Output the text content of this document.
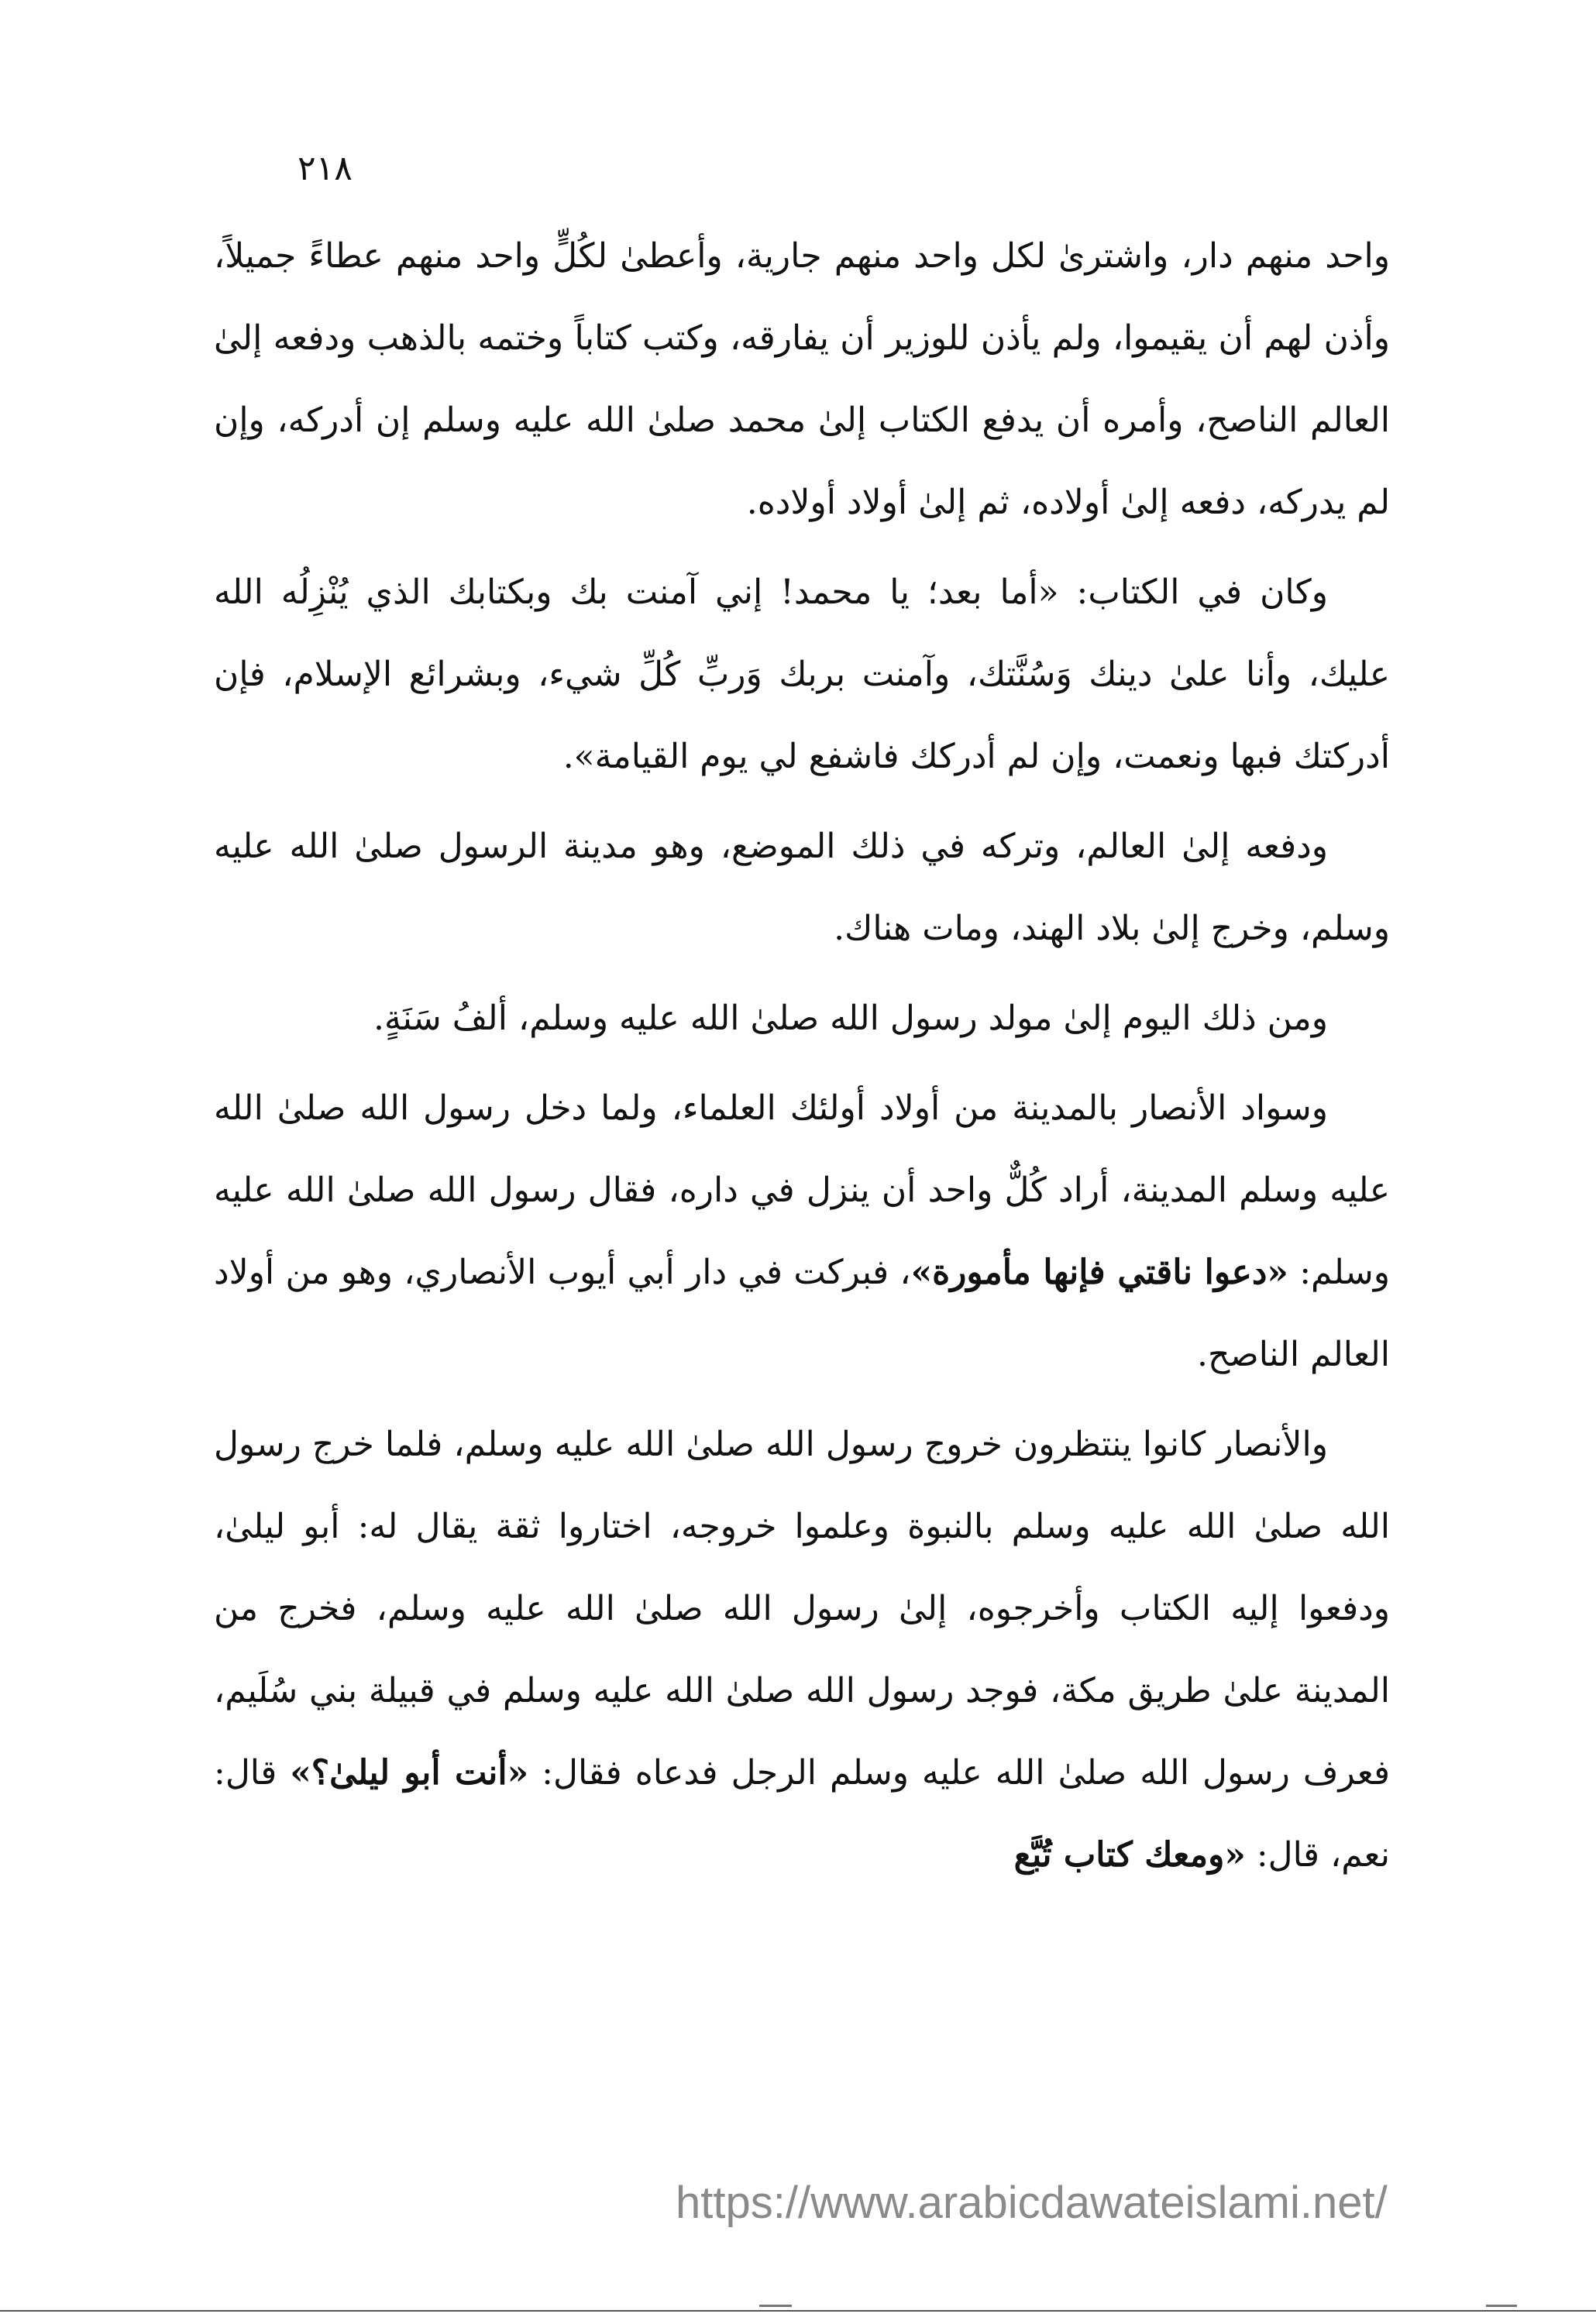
٢١٨

واحد منهم دار، واشترىٰ لكل واحد منهم جارية، وأعطىٰ لكُلٍّ واحد منهم عطاءً جميلاً، وأذن لهم أن يقيموا، ولم يأذن للوزير أن يفارقه، وكتب كتاباً وختمه بالذهب ودفعه إلىٰ العالم الناصح، وأمره أن يدفع الكتاب إلىٰ محمد صلىٰ الله عليه وسلم إن أدركه، وإن لم يدركه، دفعه إلىٰ أولاده، ثم إلىٰ أولاد أولاده.

وكان في الكتاب: «أما بعد؛ يا محمد! إني آمنت بك وبكتابك الذي يُنْزِلُه الله عليك، وأنا علىٰ دينك وَسُنَّتك، وآمنت بربك وَربِّ كُلِّ شيء، وبشرائع الإسلام، فإن أدركتك فبها ونعمت، وإن لم أدركك فاشفع لي يوم القيامة».

ودفعه إلىٰ العالم، وتركه في ذلك الموضع، وهو مدينة الرسول صلىٰ الله عليه وسلم، وخرج إلىٰ بلاد الهند، ومات هناك.

ومن ذلك اليوم إلىٰ مولد رسول الله صلىٰ الله عليه وسلم، ألفُ سَنَةٍ.

وسواد الأنصار بالمدينة من أولاد أولئك العلماء، ولما دخل رسول الله صلىٰ الله عليه وسلم المدينة، أراد كُلٌّ واحد أن ينزل في داره، فقال رسول الله صلىٰ الله عليه وسلم: «دعوا ناقتي فإنها مأمورة»، فبركت في دار أبي أيوب الأنصاري، وهو من أولاد العالم الناصح.

والأنصار كانوا ينتظرون خروج رسول الله صلىٰ الله عليه وسلم، فلما خرج رسول الله صلىٰ الله عليه وسلم بالنبوة وعلموا خروجه، اختاروا ثقة يقال له: أبو ليلىٰ، ودفعوا إليه الكتاب وأخرجوه، إلىٰ رسول الله صلىٰ الله عليه وسلم، فخرج من المدينة علىٰ طريق مكة، فوجد رسول الله صلىٰ الله عليه وسلم في قبيلة بني سُلَيم، فعرف رسول الله صلىٰ الله عليه وسلم الرجل فدعاه فقال: «أنت أبو ليلىٰ؟» قال: نعم، قال: «ومعك كتاب تُبَّع

https://www.arabicdawateislami.net/
